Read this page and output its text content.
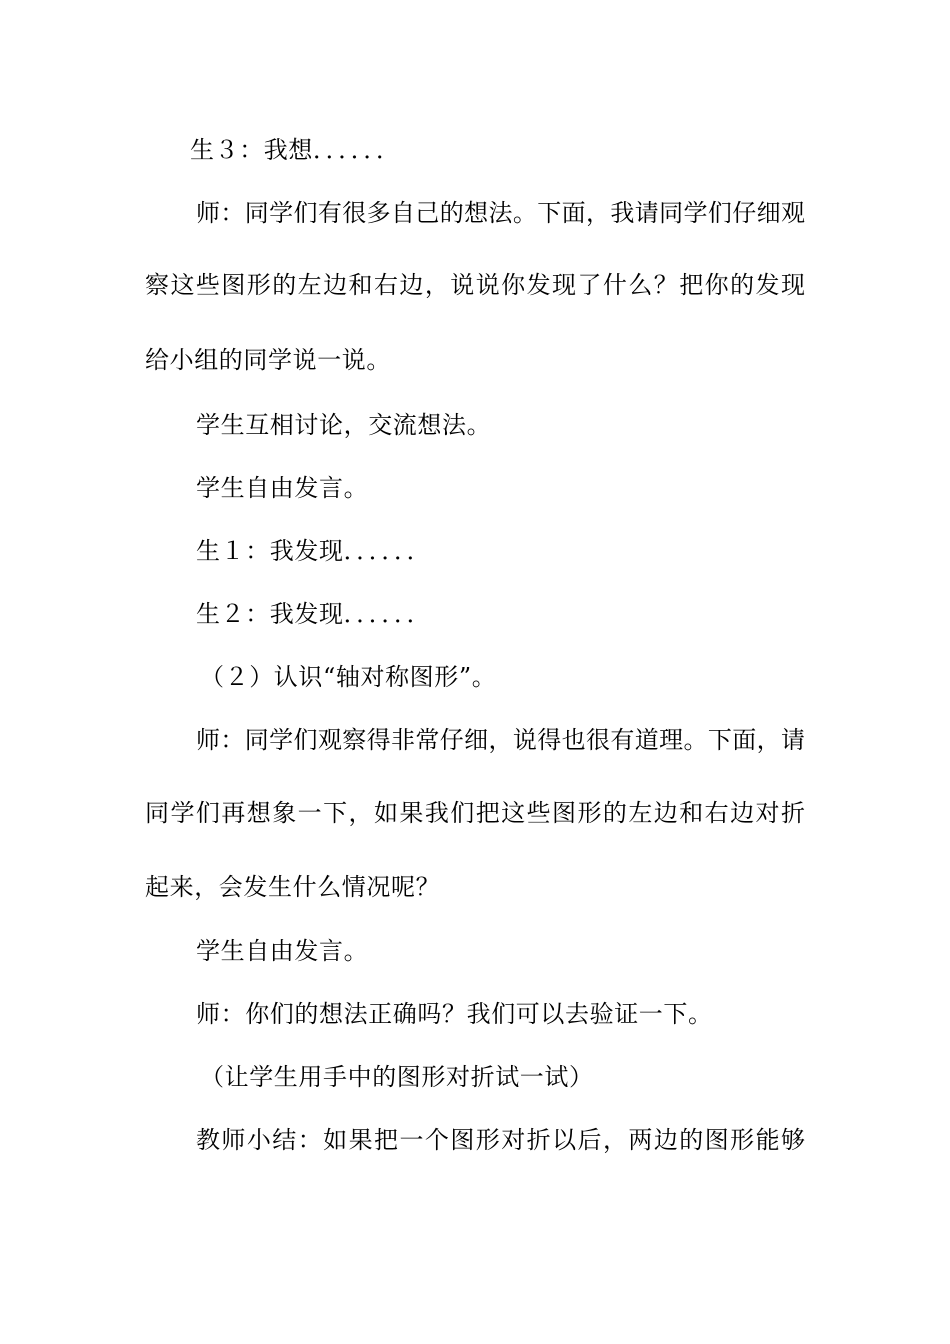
生３：我想．．．．．．

师：同学们有很多自己的想法。下面，我请同学们仔细观

察这些图形的左边和右边，说说你发现了什么？把你的发现

给小组的同学说一说。

学生互相讨论，交流想法。

学生自由发言。

生１：我发现．．．．．．

生２：我发现．．．．．．

（２）认识“轴对称图形”。

师：同学们观察得非常仔细，说得也很有道理。下面，请

同学们再想象一下，如果我们把这些图形的左边和右边对折

起来，会发生什么情况呢？

学生自由发言。

师：你们的想法正确吗？我们可以去验证一下。

（让学生用手中的图形对折试一试）

教师小结：如果把一个图形对折以后，两边的图形能够
